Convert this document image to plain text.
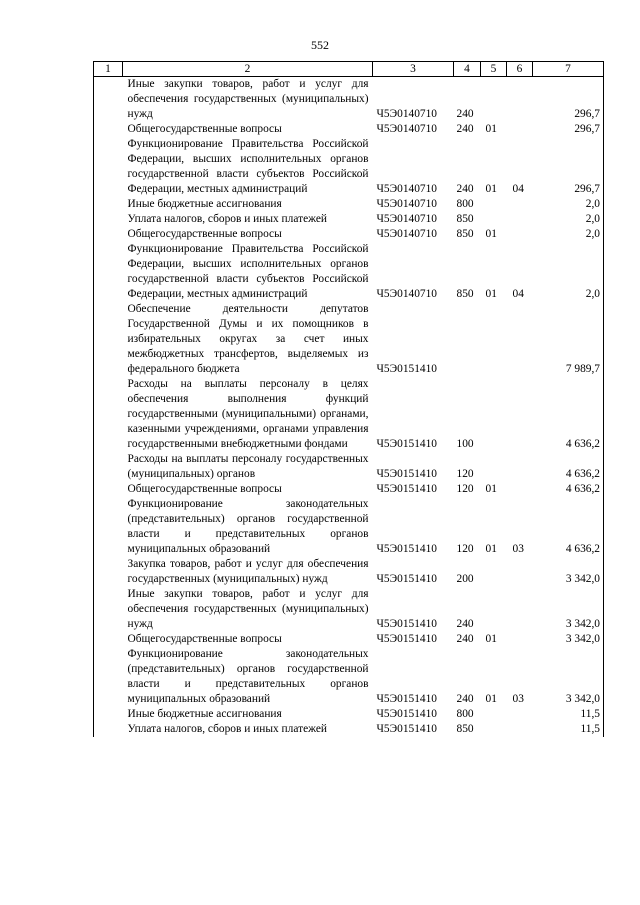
552
1	2	3	4	5	6	7
	Иные закупки товаров, работ и услуг для обеспечения государственных (муниципальных) нужд	Ч5Э0140710	240			296,7
	Общегосударственные вопросы	Ч5Э0140710	240	01		296,7
	Функционирование Правительства Российской Федерации, высших исполнительных органов государственной власти субъектов Российской Федерации, местных администраций	Ч5Э0140710	240	01	04	296,7
	Иные бюджетные ассигнования	Ч5Э0140710	800			2,0
	Уплата налогов, сборов и иных платежей	Ч5Э0140710	850			2,0
	Общегосударственные вопросы	Ч5Э0140710	850	01		2,0
	Функционирование Правительства Российской Федерации, высших исполнительных органов государственной власти субъектов Российской Федерации, местных администраций	Ч5Э0140710	850	01	04	2,0
	Обеспечение деятельности депутатов Государственной Думы и их помощников в избирательных округах за счет иных межбюджетных трансфертов, выделяемых из федерального бюджета	Ч5Э0151410				7 989,7
	Расходы на выплаты персоналу в целях обеспечения выполнения функций государственными (муниципальными) органами, казенными учреждениями, органами управления государственными внебюджетными фондами	Ч5Э0151410	100			4 636,2
	Расходы на выплаты персоналу государственных (муниципальных) органов	Ч5Э0151410	120			4 636,2
	Общегосударственные вопросы	Ч5Э0151410	120	01		4 636,2
	Функционирование законодательных (представительных) органов государственной власти и представительных органов муниципальных образований	Ч5Э0151410	120	01	03	4 636,2
	Закупка товаров, работ и услуг для обеспечения государственных (муниципальных) нужд	Ч5Э0151410	200			3 342,0
	Иные закупки товаров, работ и услуг для обеспечения государственных (муниципальных) нужд	Ч5Э0151410	240			3 342,0
	Общегосударственные вопросы	Ч5Э0151410	240	01		3 342,0
	Функционирование законодательных (представительных) органов государственной власти и представительных органов муниципальных образований	Ч5Э0151410	240	01	03	3 342,0
	Иные бюджетные ассигнования	Ч5Э0151410	800			11,5
	Уплата налогов, сборов и иных платежей	Ч5Э0151410	850			11,5
